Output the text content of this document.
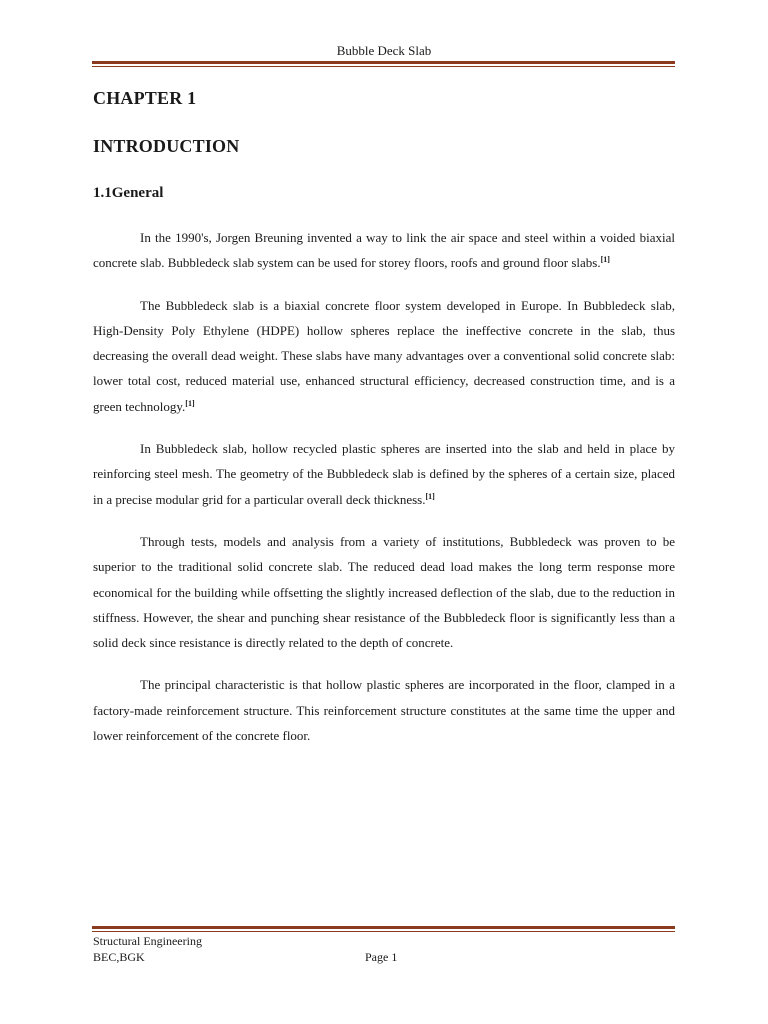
Bubble Deck Slab
CHAPTER 1
INTRODUCTION
1.1General

In the 1990's, Jorgen Breuning invented a way to link the air space and steel within a voided biaxial concrete slab. Bubbledeck slab system can be used for storey floors, roofs and ground floor slabs.[1]

The Bubbledeck slab is a biaxial concrete floor system developed in Europe. In Bubbledeck slab, High-Density Poly Ethylene (HDPE) hollow spheres replace the ineffective concrete in the slab, thus decreasing the overall dead weight. These slabs have many advantages over a conventional solid concrete slab: lower total cost, reduced material use, enhanced structural efficiency, decreased construction time, and is a green technology.[1]

In Bubbledeck slab, hollow recycled plastic spheres are inserted into the slab and held in place by reinforcing steel mesh. The geometry of the Bubbledeck slab is defined by the spheres of a certain size, placed in a precise modular grid for a particular overall deck thickness.[1]

Through tests, models and analysis from a variety of institutions, Bubbledeck was proven to be superior to the traditional solid concrete slab. The reduced dead load makes the long term response more economical for the building while offsetting the slightly increased deflection of the slab, due to the reduction in stiffness. However, the shear and punching shear resistance of the Bubbledeck floor is significantly less than a solid deck since resistance is directly related to the depth of concrete.

The principal characteristic is that hollow plastic spheres are incorporated in the floor, clamped in a factory-made reinforcement structure. This reinforcement structure constitutes at the same time the upper and lower reinforcement of the concrete floor.

Structural Engineering
BEC,BGK	Page 1
